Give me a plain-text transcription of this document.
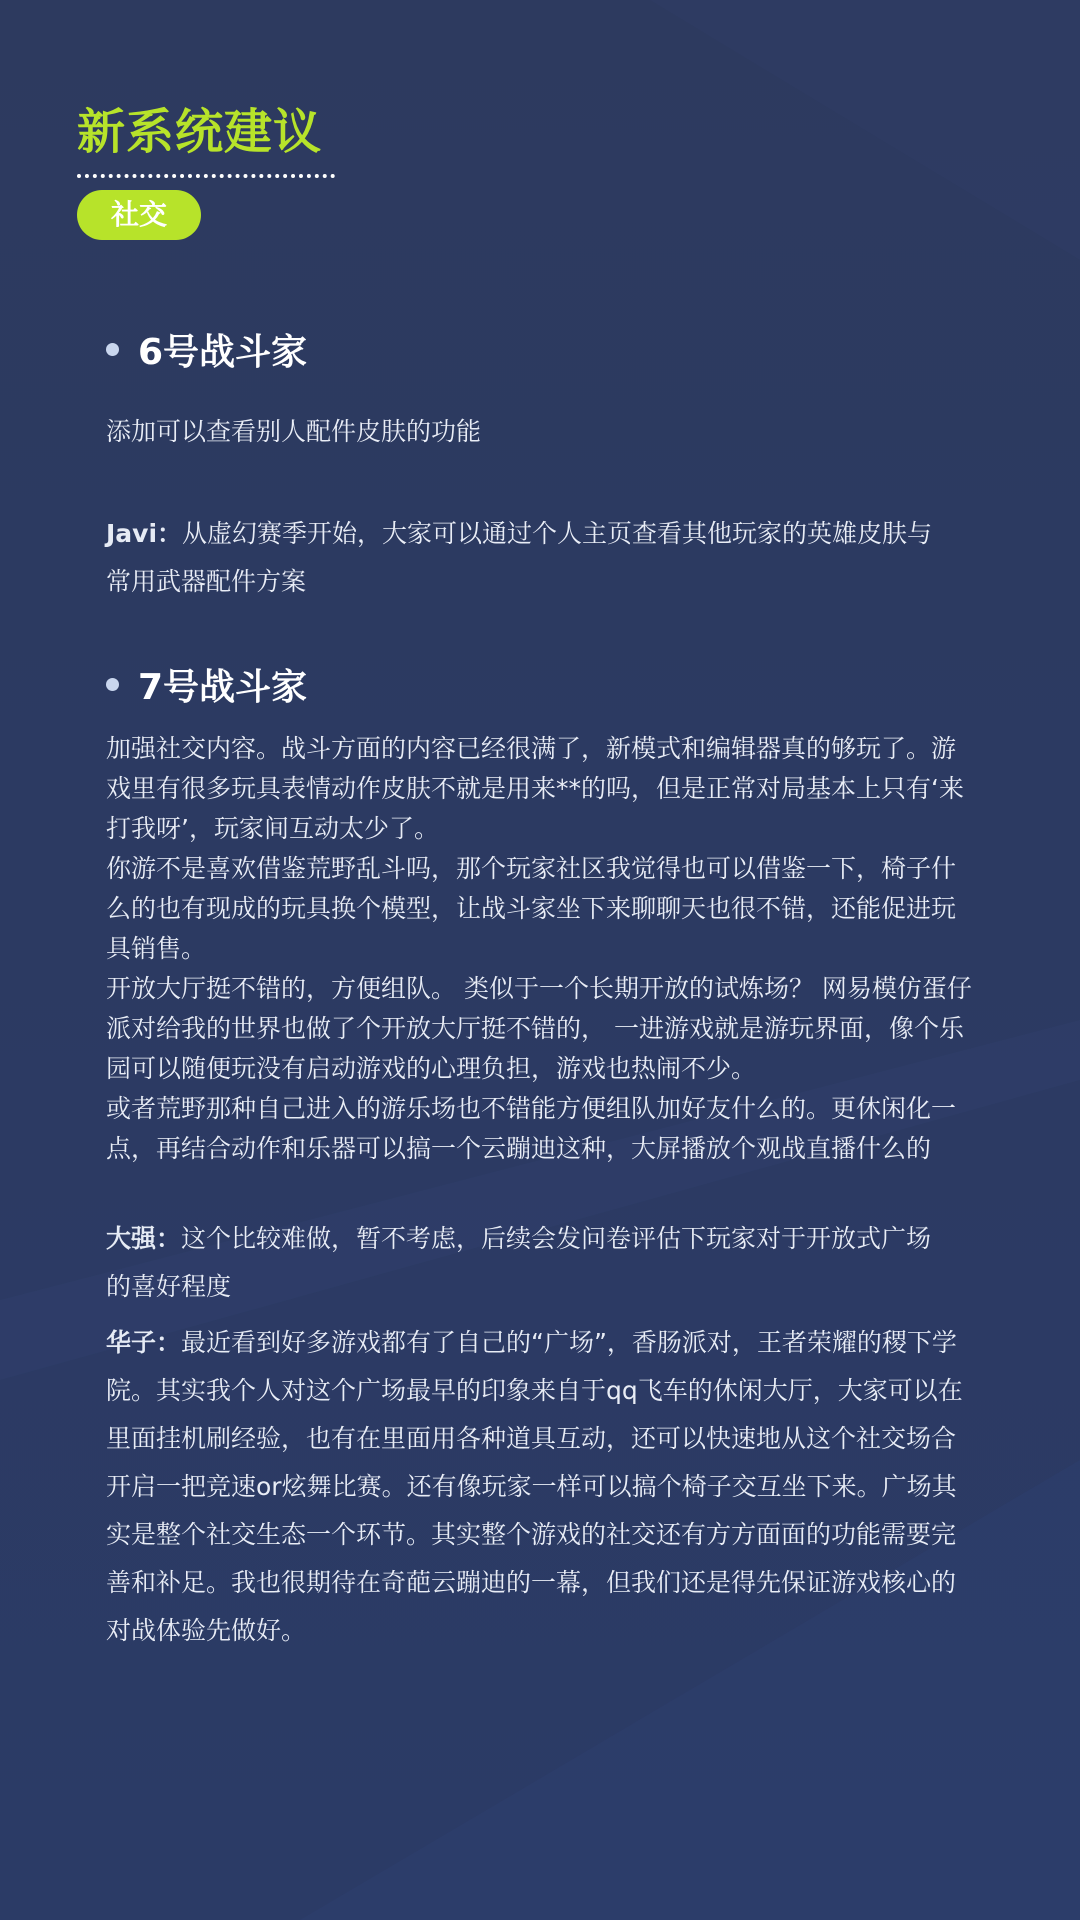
新系统建议
社交
6号战斗家

添加可以查看别人配件皮肤的功能

Javi：从虚幻赛季开始，大家可以通过个人主页查看其他玩家的英雄皮肤与常用武器配件方案

7号战斗家

加强社交内容。战斗方面的内容已经很满了，新模式和编辑器真的够玩了。游戏里有很多玩具表情动作皮肤不就是用来**的吗，但是正常对局基本上只有‘来打我呀’，玩家间互动太少了。

你游不是喜欢借鉴荒野乱斗吗，那个玩家社区我觉得也可以借鉴一下，椅子什么的也有现成的玩具换个模型，让战斗家坐下来聊聊天也很不错，还能促进玩具销售。

开放大厅挺不错的，方便组队。 类似于一个长期开放的试炼场？ 网易模仿蛋仔派对给我的世界也做了个开放大厅挺不错的， 一进游戏就是游玩界面，像个乐园可以随便玩没有启动游戏的心理负担，游戏也热闹不少。

或者荒野那种自己进入的游乐场也不错能方便组队加好友什么的。更休闲化一点，再结合动作和乐器可以搞一个云蹦迪这种，大屏播放个观战直播什么的

大强：这个比较难做，暂不考虑，后续会发问卷评估下玩家对于开放式广场的喜好程度

华子：最近看到好多游戏都有了自己的“广场”，香肠派对，王者荣耀的稷下学院。其实我个人对这个广场最早的印象来自于qq飞车的休闲大厅，大家可以在里面挂机刷经验，也有在里面用各种道具互动，还可以快速地从这个社交场合开启一把竞速or炫舞比赛。还有像玩家一样可以搞个椅子交互坐下来。广场其实是整个社交生态一个环节。其实整个游戏的社交还有方方面面的功能需要完善和补足。我也很期待在奇葩云蹦迪的一幕，但我们还是得先保证游戏核心的对战体验先做好。
